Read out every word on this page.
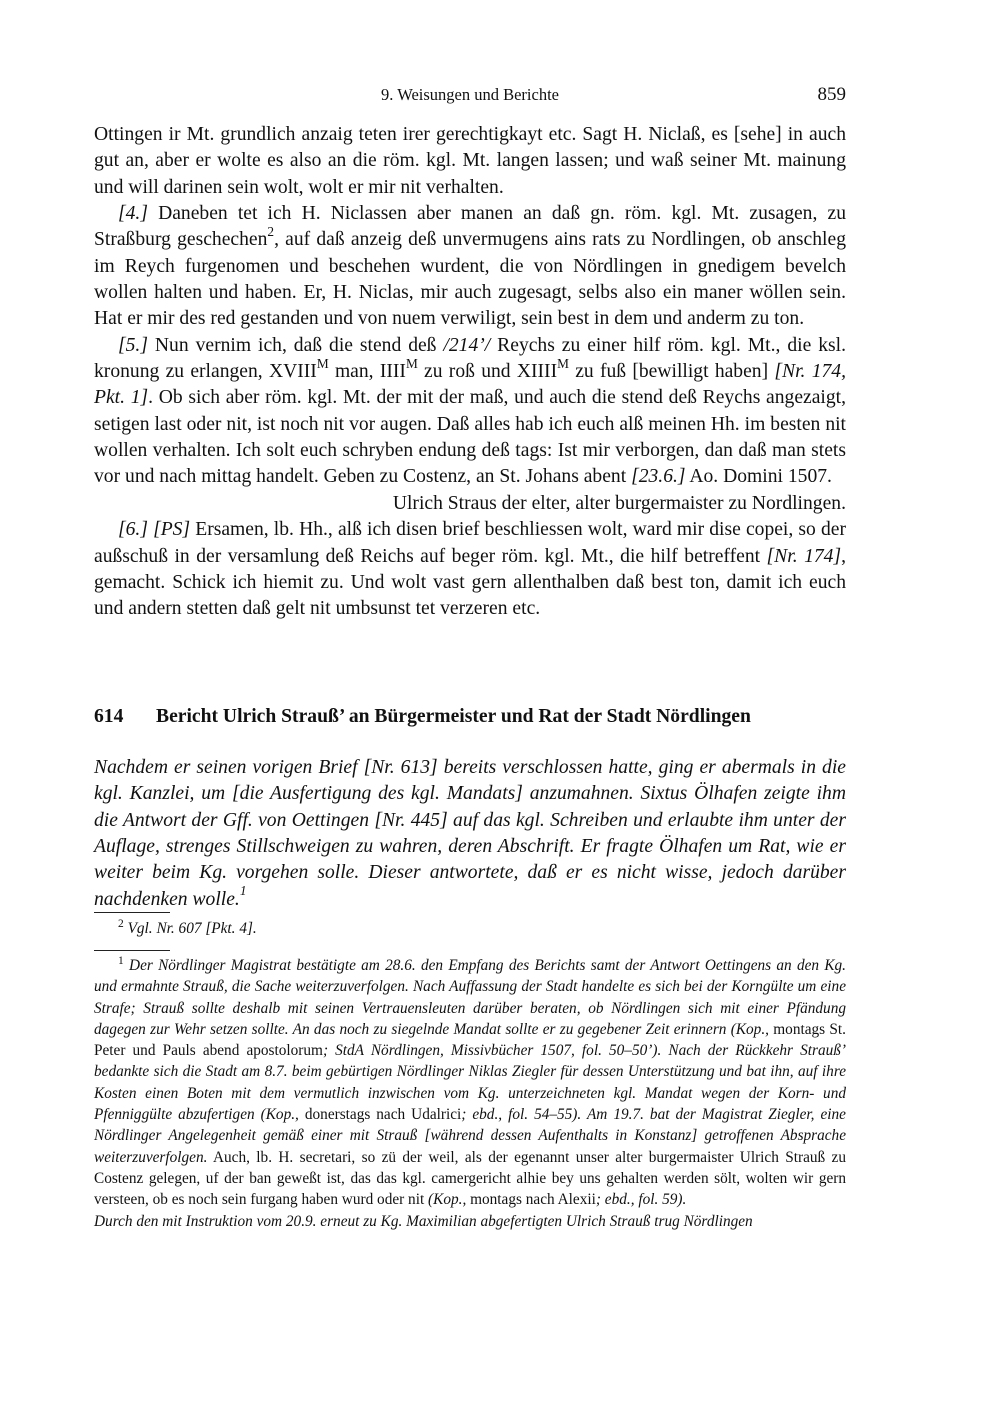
9. Weisungen und Berichte	859

Ottingen ir Mt. grundlich anzaig teten irer gerechtigkayt etc. Sagt H. Niclaß, es [sehe] in auch gut an, aber er wolte es also an die röm. kgl. Mt. langen lassen; und waß seiner Mt. mainung und will darinen sein wolt, wolt er mir nit verhalten.

[4.] Daneben tet ich H. Niclassen aber manen an daß gn. röm. kgl. Mt. zusagen, zu Straßburg geschechen$^2$, auf daß anzeig deß unvermugens ains rats zu Nordlingen, ob anschleg im Reych furgenomen und beschehen wurdent, die von Nördlingen in gnedigem bevelch wollen halten und haben. Er, H. Niclas, mir auch zugesagt, selbs also ein maner wöllen sein. Hat er mir des red gestanden und von nuem verwiligt, sein best in dem und anderm zu ton.

[5.] Nun vernim ich, daß die stend deß /214’/ Reychs zu einer hilf röm. kgl. Mt., die ksl. kronung zu erlangen, $XVIII^M$ man, $IIII^M$ zu roß und $XIIII^M$ zu fuß [bewilligt haben] [Nr. 174, Pkt. 1]. Ob sich aber röm. kgl. Mt. der mit der maß, und auch die stend deß Reychs angezaigt, setigen last oder nit, ist noch nit vor augen. Daß alles hab ich euch alß meinen Hh. im besten nit wollen verhalten. Ich solt euch schryben endung deß tags: Ist mir verborgen, dan daß man stets vor und nach mittag handelt. Geben zu Costenz, an St. Johans abent [23.6.] Ao. Domini 1507.

Ulrich Straus der elter, alter burgermaister zu Nordlingen.

[6.] [PS] Ersamen, lb. Hh., alß ich disen brief beschliessen wolt, ward mir dise copei, so der außschuß in der versamlung deß Reichs auf beger röm. kgl. Mt., die hilf betreffent [Nr. 174], gemacht. Schick ich hiemit zu. Und wolt vast gern allenthalben daß best ton, damit ich euch und andern stetten daß gelt nit umbsunst tet verzeren etc.

614 Bericht Ulrich Strauß’ an Bürgermeister und Rat der Stadt Nördlingen

Nachdem er seinen vorigen Brief [Nr. 613] bereits verschlossen hatte, ging er abermals in die kgl. Kanzlei, um [die Ausfertigung des kgl. Mandats] anzumahnen. Sixtus Ölhafen zeigte ihm die Antwort der Gff. von Oettingen [Nr. 445] auf das kgl. Schreiben und erlaubte ihm unter der Auflage, strenges Stillschweigen zu wahren, deren Abschrift. Er fragte Ölhafen um Rat, wie er weiter beim Kg. vorgehen solle. Dieser antwortete, daß er es nicht wisse, jedoch darüber nachdenken wolle.$^1$

$^2$ Vgl. Nr. 607 [Pkt. 4].

$^1$ Der Nördlinger Magistrat bestätigte am 28.6. den Empfang des Berichts samt der Antwort Oettingens an den Kg. und ermahnte Strauß, die Sache weiterzuverfolgen. Nach Auffassung der Stadt handelte es sich bei der Korngülte um eine Strafe; Strauß sollte deshalb mit seinen Vertrauensleuten darüber beraten, ob Nördlingen sich mit einer Pfändung dagegen zur Wehr setzen sollte. An das noch zu siegelnde Mandat sollte er zu gegebener Zeit erinnern (Kop., montags St. Peter und Pauls abend apostolorum; StdA Nördlingen, Missivbücher 1507, fol. 50–50’). Nach der Rückkehr Strauß’ bedankte sich die Stadt am 8.7. beim gebürtigen Nördlinger Niklas Ziegler für dessen Unterstützung und bat ihn, auf ihre Kosten einen Boten mit dem vermutlich inzwischen vom Kg. unterzeichneten kgl. Mandat wegen der Korn- und Pfenniggülte abzufertigen (Kop., donerstags nach Udalrici; ebd., fol. 54–55). Am 19.7. bat der Magistrat Ziegler, eine Nördlinger Angelegenheit gemäß einer mit Strauß [während dessen Aufenthalts in Konstanz] getroffenen Absprache weiterzuverfolgen. Auch, lb. H. secretari, so zü der weil, als der egenannt unser alter burgermaister Ulrich Strauß zu Costenz gelegen, uf der ban geweßt ist, das das kgl. camergericht alhie bey uns gehalten werden sölt, wolten wir gern versteen, ob es noch sein furgang haben wurd oder nit (Kop., montags nach Alexii; ebd., fol. 59).
Durch den mit Instruktion vom 20.9. erneut zu Kg. Maximilian abgefertigten Ulrich Strauß trug Nördlingen
